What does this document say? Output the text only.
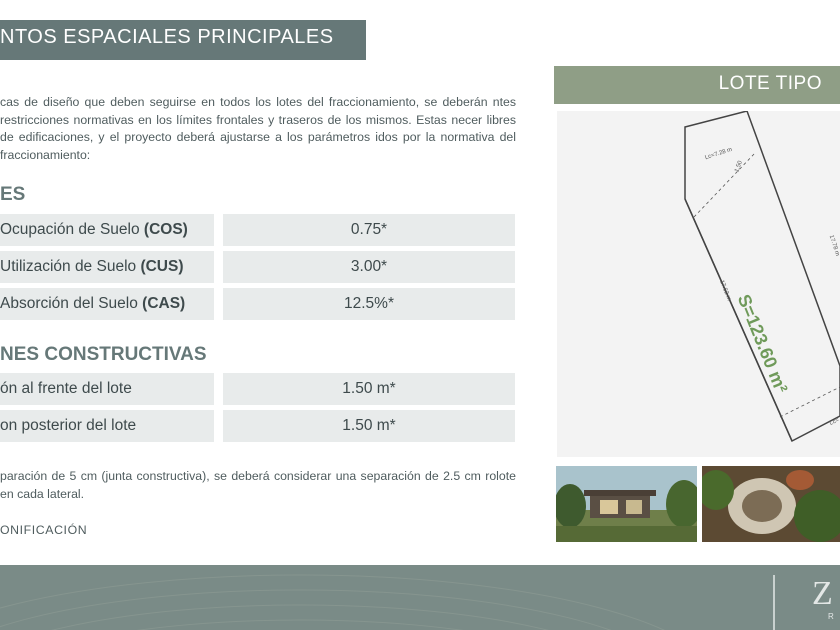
NTOS ESPACIALES PRINCIPALES
cas de diseño que deben seguirse en todos los lotes del fraccionamiento, se deberán ntes restricciones normativas en los límites frontales y traseros de los mismos. Estas necer libres de edificaciones, y el proyecto deberá ajustarse a los parámetros idos por la normativa del fraccionamiento:
ES
Ocupación de Suelo (COS)	0.75*
Utilización de Suelo (CUS)	3.00*
Absorción del Suelo (CAS)	12.5%*
NES CONSTRUCTIVAS
ón al frente del lote	1.50 m*
on posterior del lote	1.50 m*
paración de 5 cm (junta constructiva), se deberá considerar una separación de 2.5 cm rolote en cada lateral.
ONIFICACIÓN
LOTE TIPO
S=123.60 m²
Lc=7.28 m
1.50
17.62 m
17.78 m
Lc=
Z
R
